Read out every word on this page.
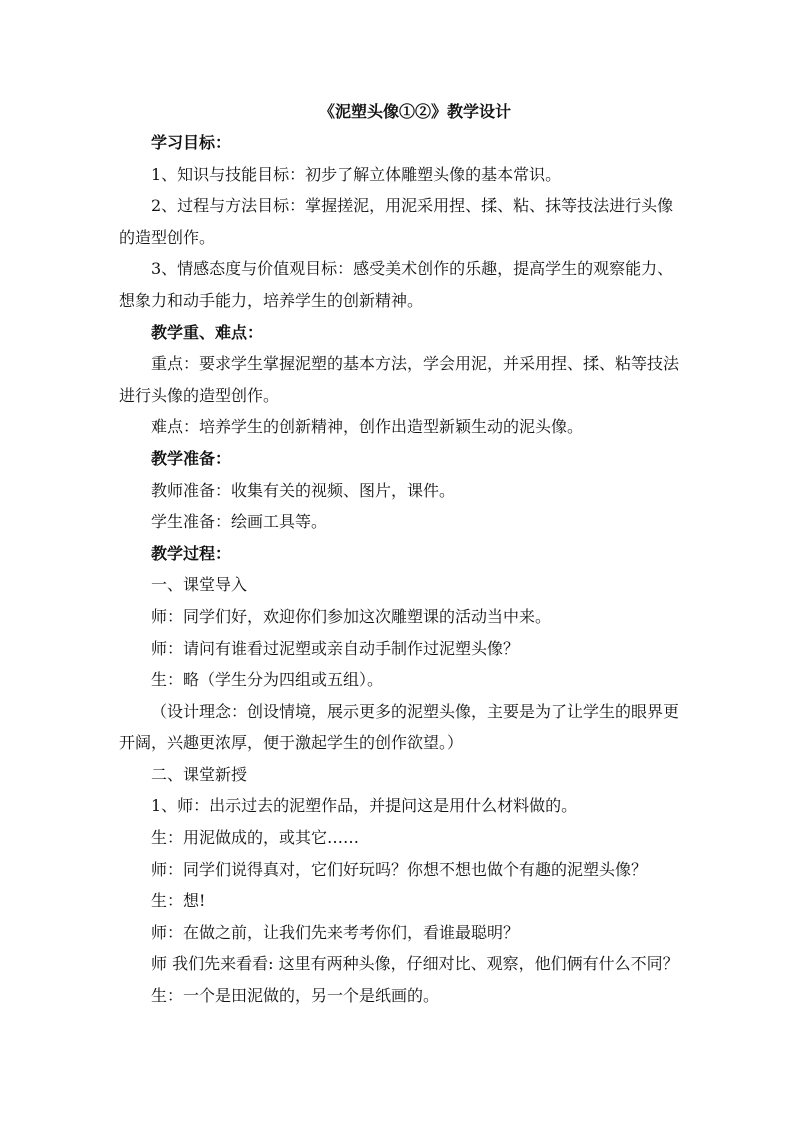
《泥塑头像①②》教学设计

学习目标：

1、知识与技能目标：初步了解立体雕塑头像的基本常识。

2、过程与方法目标：掌握搓泥，用泥采用捏、揉、粘、抹等技法进行头像的造型创作。

3、情感态度与价值观目标：感受美术创作的乐趣，提高学生的观察能力、想象力和动手能力，培养学生的创新精神。

教学重、难点：

重点：要求学生掌握泥塑的基本方法，学会用泥，并采用捏、揉、粘等技法进行头像的造型创作。

难点：培养学生的创新精神，创作出造型新颖生动的泥头像。

教学准备：

教师准备：收集有关的视频、图片，课件。

学生准备：绘画工具等。

教学过程：

一、课堂导入

师：同学们好，欢迎你们参加这次雕塑课的活动当中来。

师：请问有谁看过泥塑或亲自动手制作过泥塑头像？

生：略（学生分为四组或五组）。

（设计理念：创设情境，展示更多的泥塑头像，主要是为了让学生的眼界更开阔，兴趣更浓厚，便于激起学生的创作欲望。）

二、课堂新授

1、师：出示过去的泥塑作品，并提问这是用什么材料做的。

生：用泥做成的，或其它……

师：同学们说得真对，它们好玩吗？你想不想也做个有趣的泥塑头像？

生：想!

师：在做之前，让我们先来考考你们，看谁最聪明？

师 我们先来看看: 这里有两种头像，仔细对比、观察，他们俩有什么不同？

生：一个是田泥做的，另一个是纸画的。
